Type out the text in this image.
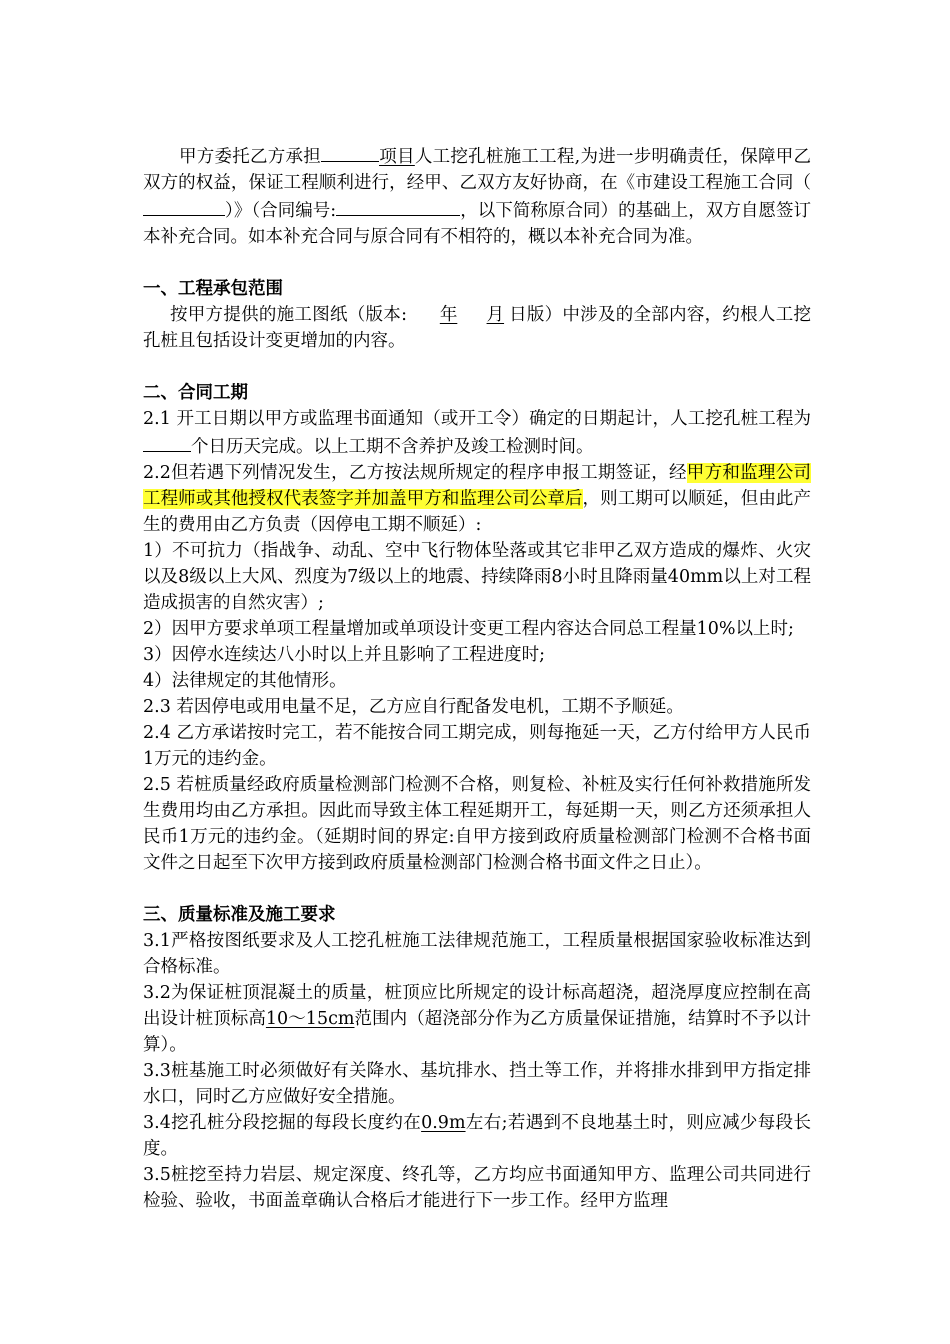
甲方委托乙方承担	项目人工挖孔桩施工工程,为进一步明确责任，保障甲乙双方的权益，保证工程顺利进行，经甲、乙双方友好协商，在《市建设工程施工合同（）》（合同编号:	，以下简称原合同）的基础上，双方自愿签订本补充合同。如本补充合同与原合同有不相符的，概以本补充合同为准。

一、工程承包范围

按甲方提供的施工图纸（版本: 年 月 日版）中涉及的全部内容，约根人工挖孔桩且包括设计变更增加的内容。

二、合同工期

2.1 开工日期以甲方或监理书面通知（或开工令）确定的日期起计，人工挖孔桩工程为个日历天完成。以上工期不含养护及竣工检测时间。

2.2但若遇下列情况发生，乙方按法规所规定的程序申报工期签证，经甲方和监理公司工程师或其他授权代表签字并加盖甲方和监理公司公章后，则工期可以顺延，但由此产生的费用由乙方负责（因停电工期不顺延）:

1）不可抗力（指战争、动乱、空中飞行物体坠落或其它非甲乙双方造成的爆炸、火灾以及8级以上大风、烈度为7级以上的地震、持续降雨8小时且降雨量40mm以上对工程造成损害的自然灾害）;

2）因甲方要求单项工程量增加或单项设计变更工程内容达合同总工程量10%以上时;

3）因停水连续达八小时以上并且影响了工程进度时;

4）法律规定的其他情形。

2.3 若因停电或用电量不足，乙方应自行配备发电机，工期不予顺延。

2.4 乙方承诺按时完工，若不能按合同工期完成，则每拖延一天，乙方付给甲方人民币1万元的违约金。

2.5 若桩质量经政府质量检测部门检测不合格，则复检、补桩及实行任何补救措施所发生费用均由乙方承担。因此而导致主体工程延期开工，每延期一天，则乙方还须承担人民币1万元的违约金。（延期时间的界定:自甲方接到政府质量检测部门检测不合格书面文件之日起至下次甲方接到政府质量检测部门检测合格书面文件之日止）。

三、质量标准及施工要求

3.1严格按图纸要求及人工挖孔桩施工法律规范施工，工程质量根据国家验收标准达到合格标准。

3.2为保证桩顶混凝土的质量，桩顶应比所规定的设计标高超浇，超浇厚度应控制在高出设计桩顶标高10～15cm范围内（超浇部分作为乙方质量保证措施，结算时不予以计算）。

3.3桩基施工时必须做好有关降水、基坑排水、挡土等工作，并将排水排到甲方指定排水口，同时乙方应做好安全措施。

3.4挖孔桩分段挖掘的每段长度约在0.9m左右;若遇到不良地基土时，则应减少每段长度。

3.5桩挖至持力岩层、规定深度、终孔等，乙方均应书面通知甲方、监理公司共同进行检验、验收，书面盖章确认合格后才能进行下一步工作。经甲方监理
